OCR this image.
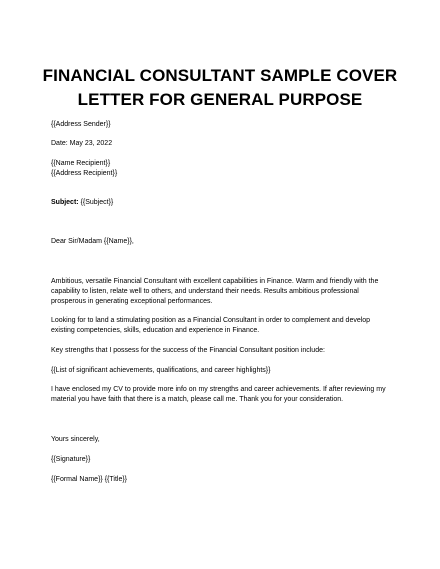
FINANCIAL CONSULTANT SAMPLE COVER
LETTER FOR GENERAL PURPOSE
{{Address Sender}}
Date: May 23, 2022
{{Name Recipient}}
{{Address Recipient}}
Subject: {{Subject}}
Dear Sir/Madam {{Name}},
Ambitious, versatile Financial Consultant with excellent capabilities in Finance. Warm and friendly with the capability to listen, relate well to others, and understand their needs. Results ambitious professional prosperous in generating exceptional performances.
Looking for to land a stimulating position as a Financial Consultant in order to complement and develop existing competencies, skills, education and experience in Finance.
Key strengths that I possess for the success of the Financial Consultant position include:
{{List of significant achievements, qualifications, and career highlights}}
I have enclosed my CV to provide more info on my strengths and career achievements. If after reviewing my material you have faith that there is a match, please call me. Thank you for your consideration.
Yours sincerely,
{{Signature}}
{{Formal Name}} {{Title}}
